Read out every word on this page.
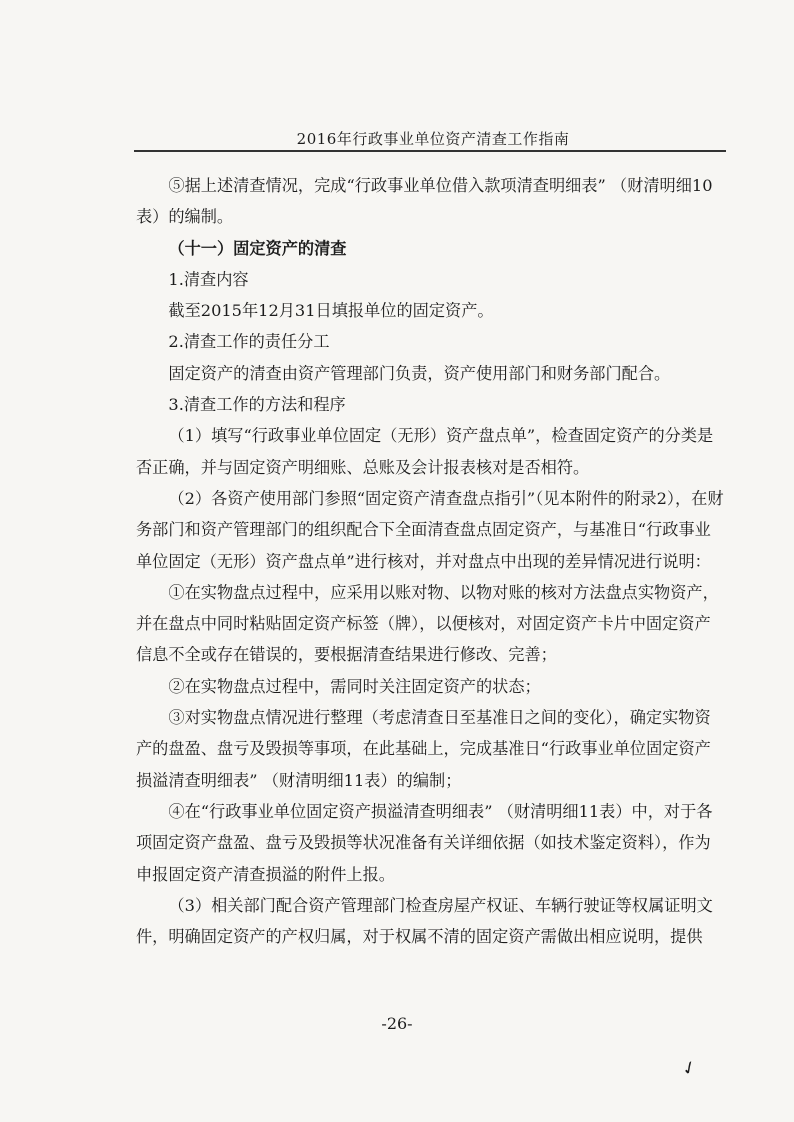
2016年行政事业单位资产清查工作指南

⑤据上述清查情况，完成“行政事业单位借入款项清查明细表” （财清明细10表）的编制。

（十一）固定资产的清查

1.清查内容

截至2015年12月31日填报单位的固定资产。

2.清查工作的责任分工

固定资产的清查由资产管理部门负责，资产使用部门和财务部门配合。

3.清查工作的方法和程序

（1）填写“行政事业单位固定（无形）资产盘点单”，检查固定资产的分类是否正确，并与固定资产明细账、总账及会计报表核对是否相符。

（2）各资产使用部门参照“固定资产清查盘点指引”（见本附件的附录2），在财务部门和资产管理部门的组织配合下全面清查盘点固定资产，与基准日“行政事业单位固定（无形）资产盘点单”进行核对，并对盘点中出现的差异情况进行说明：

①在实物盘点过程中，应采用以账对物、以物对账的核对方法盘点实物资产，并在盘点中同时粘贴固定资产标签（牌），以便核对，对固定资产卡片中固定资产信息不全或存在错误的，要根据清查结果进行修改、完善；

②在实物盘点过程中，需同时关注固定资产的状态；

③对实物盘点情况进行整理（考虑清查日至基准日之间的变化），确定实物资产的盘盈、盘亏及毁损等事项，在此基础上，完成基准日“行政事业单位固定资产损溢清查明细表” （财清明细11表）的编制；

④在“行政事业单位固定资产损溢清查明细表” （财清明细11表）中，对于各项固定资产盘盈、盘亏及毁损等状况准备有关详细依据（如技术鉴定资料），作为申报固定资产清查损溢的附件上报。

（3）相关部门配合资产管理部门检查房屋产权证、车辆行驶证等权属证明文件，明确固定资产的产权归属，对于权属不清的固定资产需做出相应说明，提供

-26-
✓
